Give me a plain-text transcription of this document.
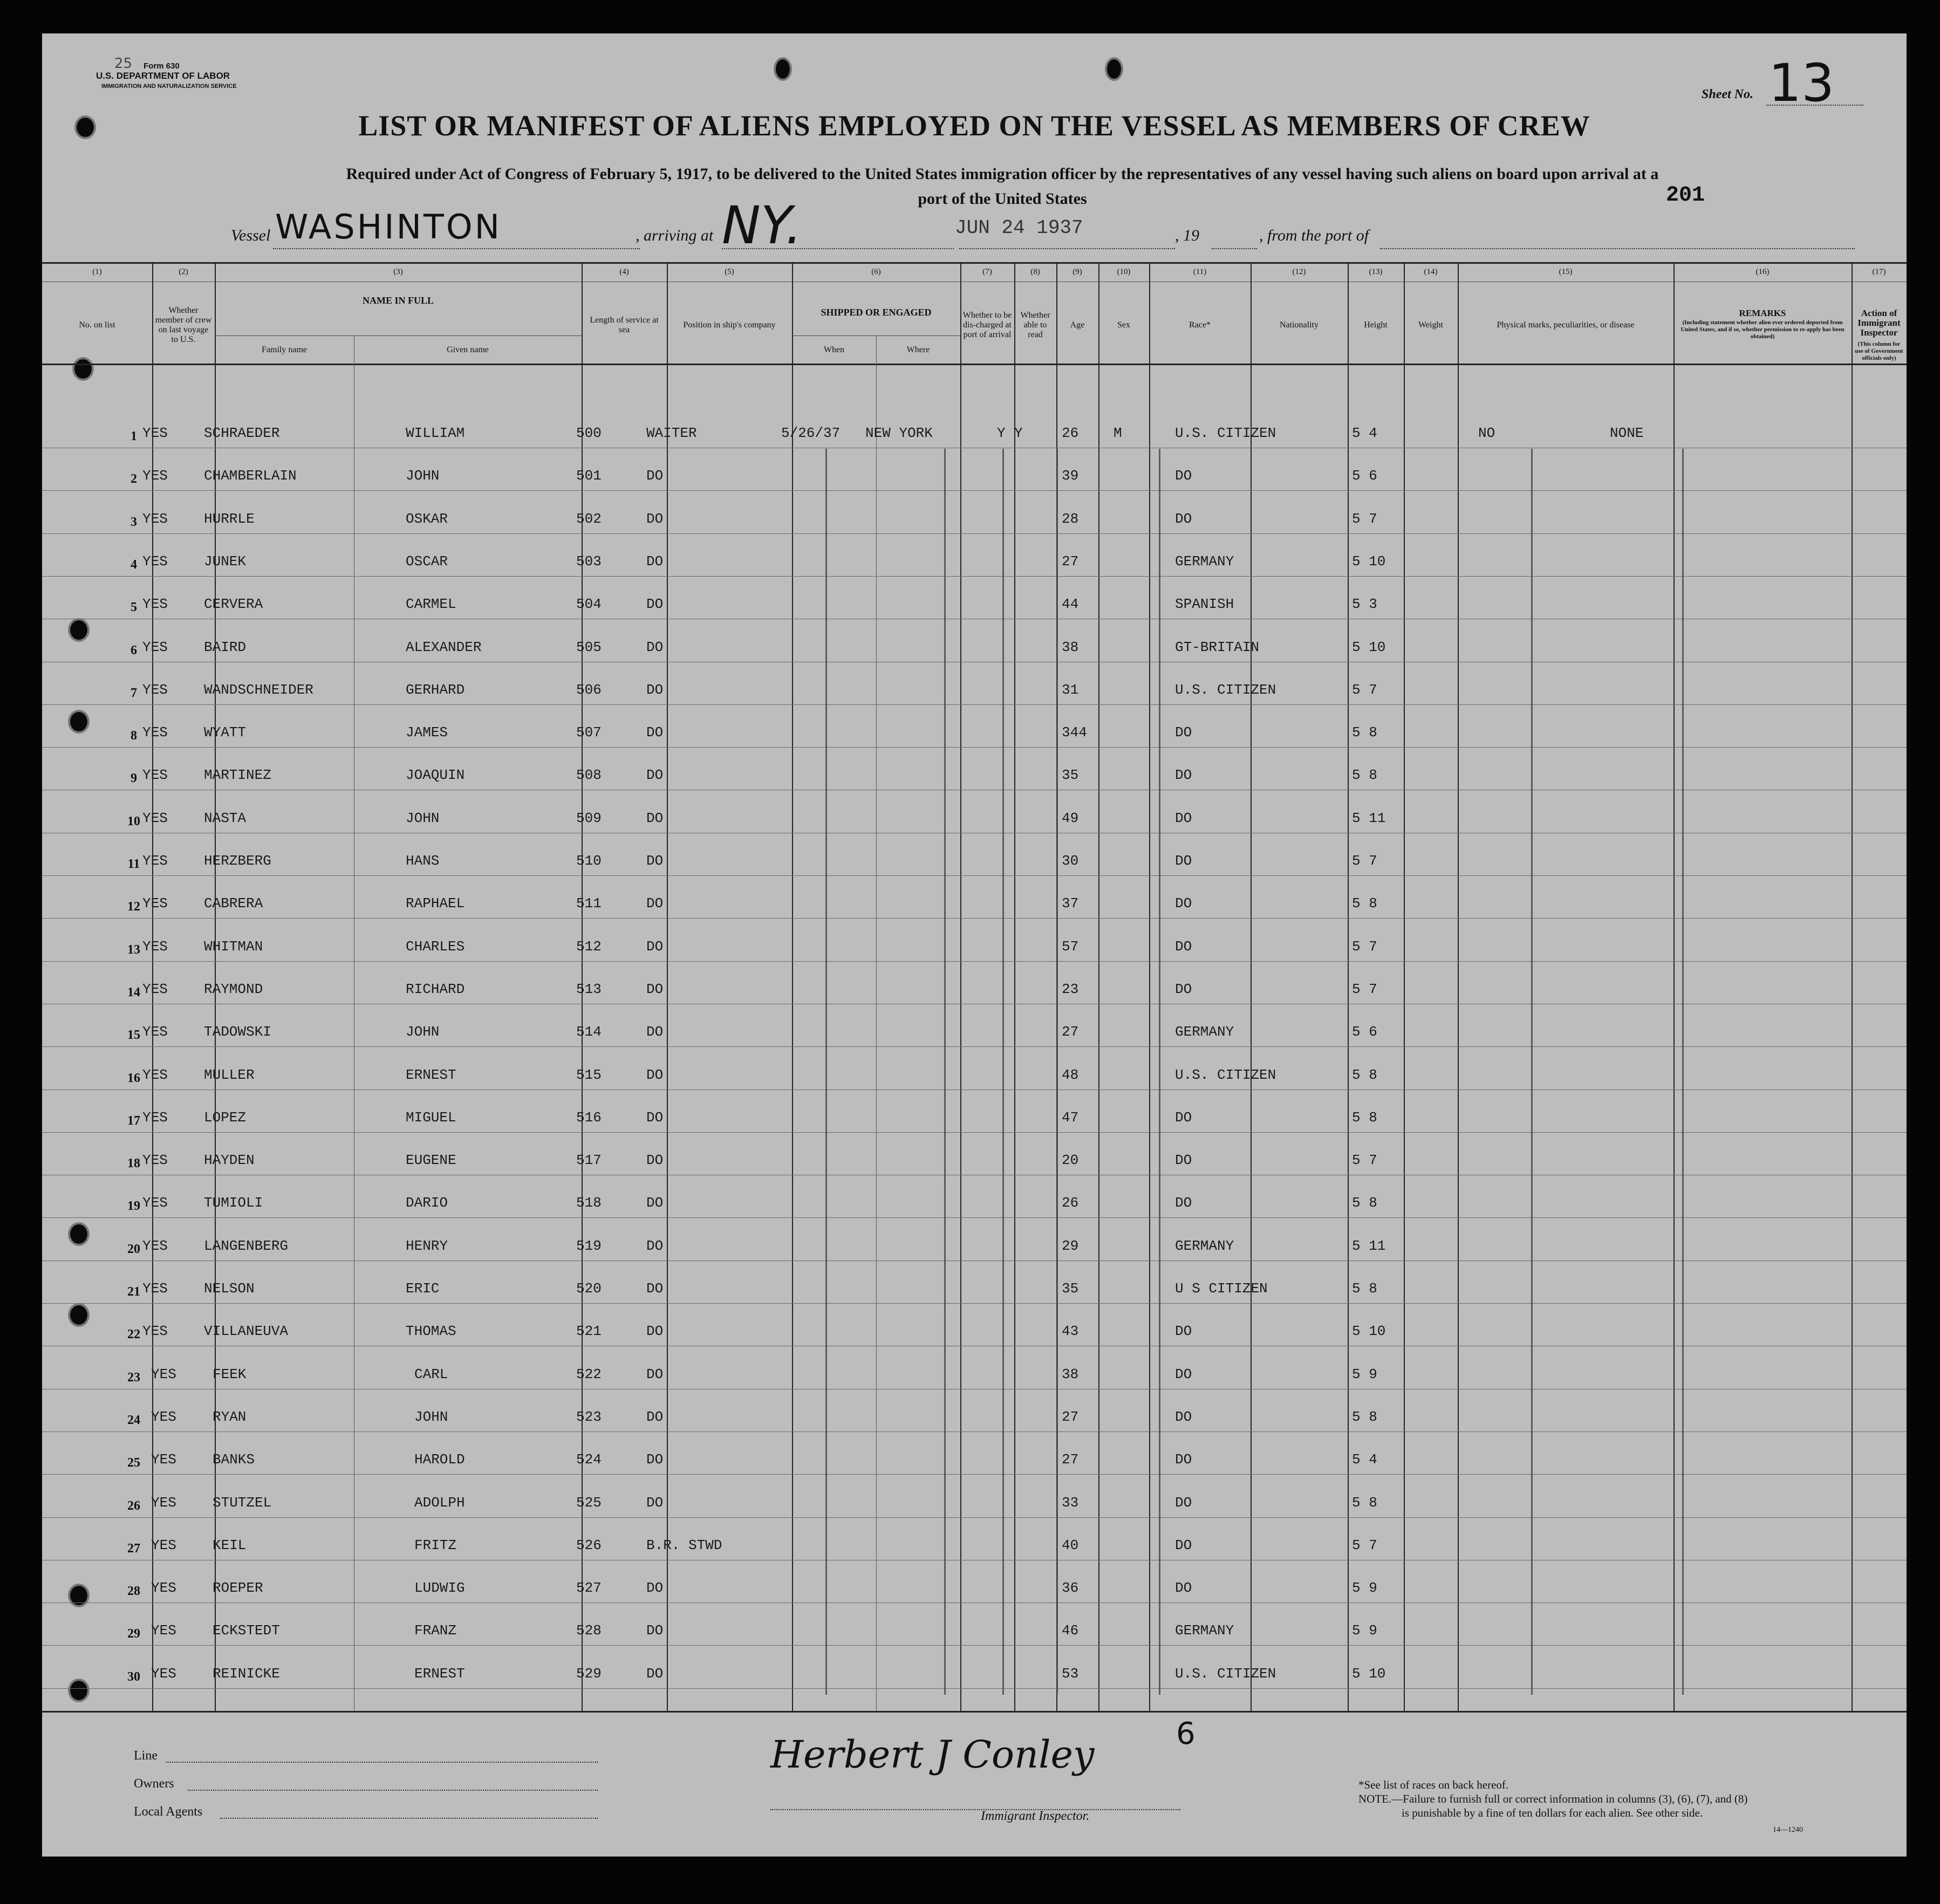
Form 630
U.S. DEPARTMENT OF LABOR
IMMIGRATION AND NATURALIZATION SERVICE
25
Sheet No. 13
LIST OR MANIFEST OF ALIENS EMPLOYED ON THE VESSEL AS MEMBERS OF CREW
Required under Act of Congress of February 5, 1917, to be delivered to the United States immigration officer by the representatives of any vessel having such aliens on board upon arrival at a
port of the United States	201
Vessel WASHINTON	, arriving at NY.	JUN 24 1937	, 19	, from the port of
(1)
No. on list
(2)
Whether member of crew on last voyage to U.S.
(3)
NAME IN FULL
Family name	Given name
(4)
Length of service at sea
(5)
Position in ship's company
(6)
SHIPPED OR ENGAGED
When	Where
(7)
Whether to be dis-charged at port of arrival
(8)
Whether able to read
(9)
Age
(10)
Sex
(11)
Race*
(12)
Nationality
(13)
Height
(14)
Weight
(15)
Physical marks, peculiarities, or disease
(16)
REMARKS
(Including statement whether alien ever ordered deported from United States, and if so, whether permission to re-apply has been obtained)
(17)
Action of Immigrant Inspector
(This column for use of Government officials only)
1 YES	SCHRAEDER	WILLIAM	500	WAITER	5/26/37 NEW YORK	Y Y	26 M	U.S. CITIZEN	5 4	NO	NONE
2 YES	CHAMBERLAIN	JOHN	501	DO	39	DO	5 6
3 YES	HURRLE	OSKAR	502	DO	28	DO	5 7
4 YES	JUNEK	OSCAR	503	DO	27	GERMANY	5 10
5 YES	CERVERA	CARMEL	504	DO	44	SPANISH	5 3
6 YES	BAIRD	ALEXANDER	505	DO	38	GT-BRITAIN	5 10
7 YES	WANDSCHNEIDER	GERHARD	506	DO	31	U.S. CITIZEN	5 7
8 YES	WYATT	JAMES	507	DO	344	DO	5 8
9 YES	MARTINEZ	JOAQUIN	508	DO	35	DO	5 8
10 YES	NASTA	JOHN	509	DO	49	DO	5 11
11 YES	HERZBERG	HANS	510	DO	30	DO	5 7
12 YES	CABRERA	RAPHAEL	511	DO	37	DO	5 8
13 YES	WHITMAN	CHARLES	512	DO	57	DO	5 7
14 YES	RAYMOND	RICHARD	513	DO	23	DO	5 7
15 YES	TADOWSKI	JOHN	514	DO	27	GERMANY	5 6
16 YES	MULLER	ERNEST	515	DO	48	U.S. CITIZEN	5 8
17 YES	LOPEZ	MIGUEL	516	DO	47	DO	5 8
18 YES	HAYDEN	EUGENE	517	DO	20	DO	5 7
19 YES	TUMIOLI	DARIO	518	DO	26	DO	5 8
20 YES	LANGENBERG	HENRY	519	DO	29	GERMANY	5 11
21 YES	NELSON	ERIC	520	DO	35	U S CITIZEN	5 8
22 YES	VILLANEUVA	THOMAS	521	DO	43	DO	5 10
23 YES	FEEK	CARL	522	DO	38	DO	5 9
24 YES	RYAN	JOHN	523	DO	27	DO	5 8
25 YES	BANKS	HAROLD	524	DO	27	DO	5 4
26 YES	STUTZEL	ADOLPH	525	DO	33	DO	5 8
27 YES	KEIL	FRITZ	526	B.R. STWD	40	DO	5 7
28 YES	ROEPER	LUDWIG	527	DO	36	DO	5 9
29 YES	ECKSTEDT	FRANZ	528	DO	46	GERMANY	5 9
30 YES	REINICKE	ERNEST	529	DO	53	U.S. CITIZEN	5 10
Line
Owners
Local Agents
Herbert J Conley
Immigrant Inspector.
6
*See list of races on back hereof.
NOTE.—Failure to furnish full or correct information in columns (3), (6), (7), and (8)
is punishable by a fine of ten dollars for each alien. See other side.
14—1240
